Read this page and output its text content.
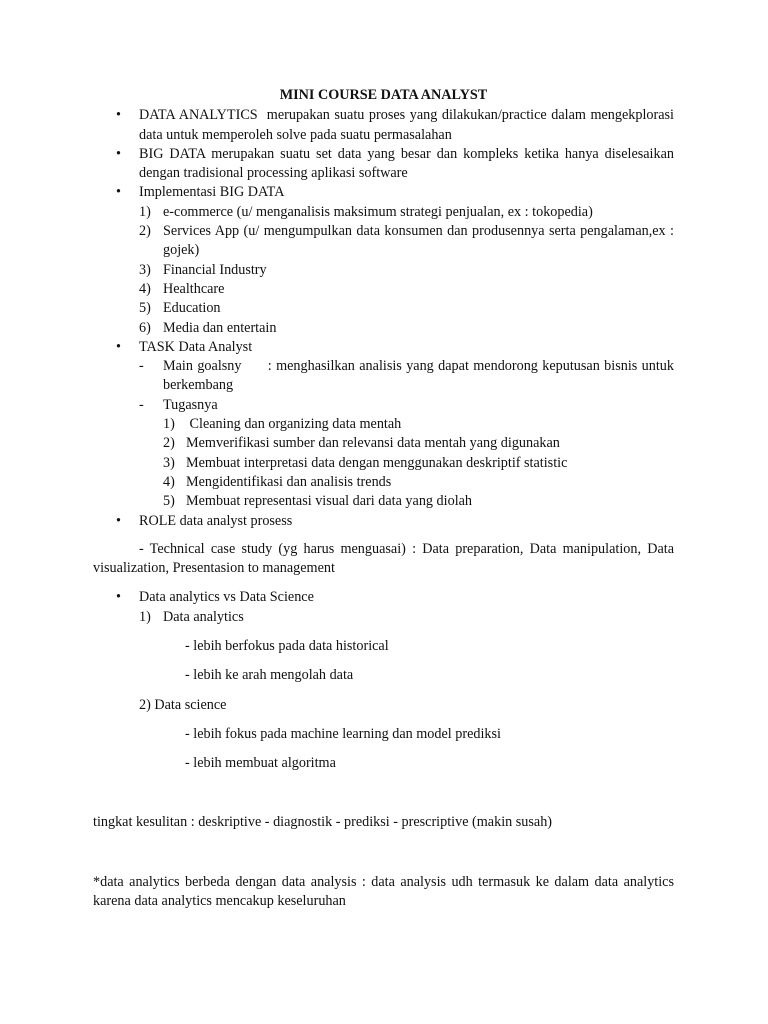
MINI COURSE DATA ANALYST
• DATA ANALYTICS  merupakan suatu proses yang dilakukan/practice dalam mengekplorasi data untuk memperoleh solve pada suatu permasalahan
• BIG DATA merupakan suatu set data yang besar dan kompleks ketika hanya diselesaikan dengan tradisional processing aplikasi software
• Implementasi BIG DATA
1) e-commerce (u/ menganalisis maksimum strategi penjualan, ex : tokopedia)
2) Services App (u/ mengumpulkan data konsumen dan produsennya serta pengalaman,ex : gojek)
3) Financial Industry
4) Healthcare
5) Education
6) Media dan entertain
• TASK Data Analyst
- Main goalsny      : menghasilkan analisis yang dapat mendorong keputusan bisnis untuk berkembang
- Tugasnya
1) Cleaning dan organizing data mentah
2) Memverifikasi sumber dan relevansi data mentah yang digunakan
3) Membuat interpretasi data dengan menggunakan deskriptif statistic
4) Mengidentifikasi dan analisis trends
5) Membuat representasi visual dari data yang diolah
• ROLE data analyst prosess
- Technical case study (yg harus menguasai) : Data preparation, Data manipulation, Data visualization, Presentasion to management
• Data analytics vs Data Science
1) Data analytics
- lebih berfokus pada data historical
- lebih ke arah mengolah data
2) Data science
- lebih fokus pada machine learning dan model prediksi
- lebih membuat algoritma
tingkat kesulitan : deskriptive - diagnostik - prediksi - prescriptive (makin susah)
*data analytics berbeda dengan data analysis : data analysis udh termasuk ke dalam data analytics karena data analytics mencakup keseluruhan
